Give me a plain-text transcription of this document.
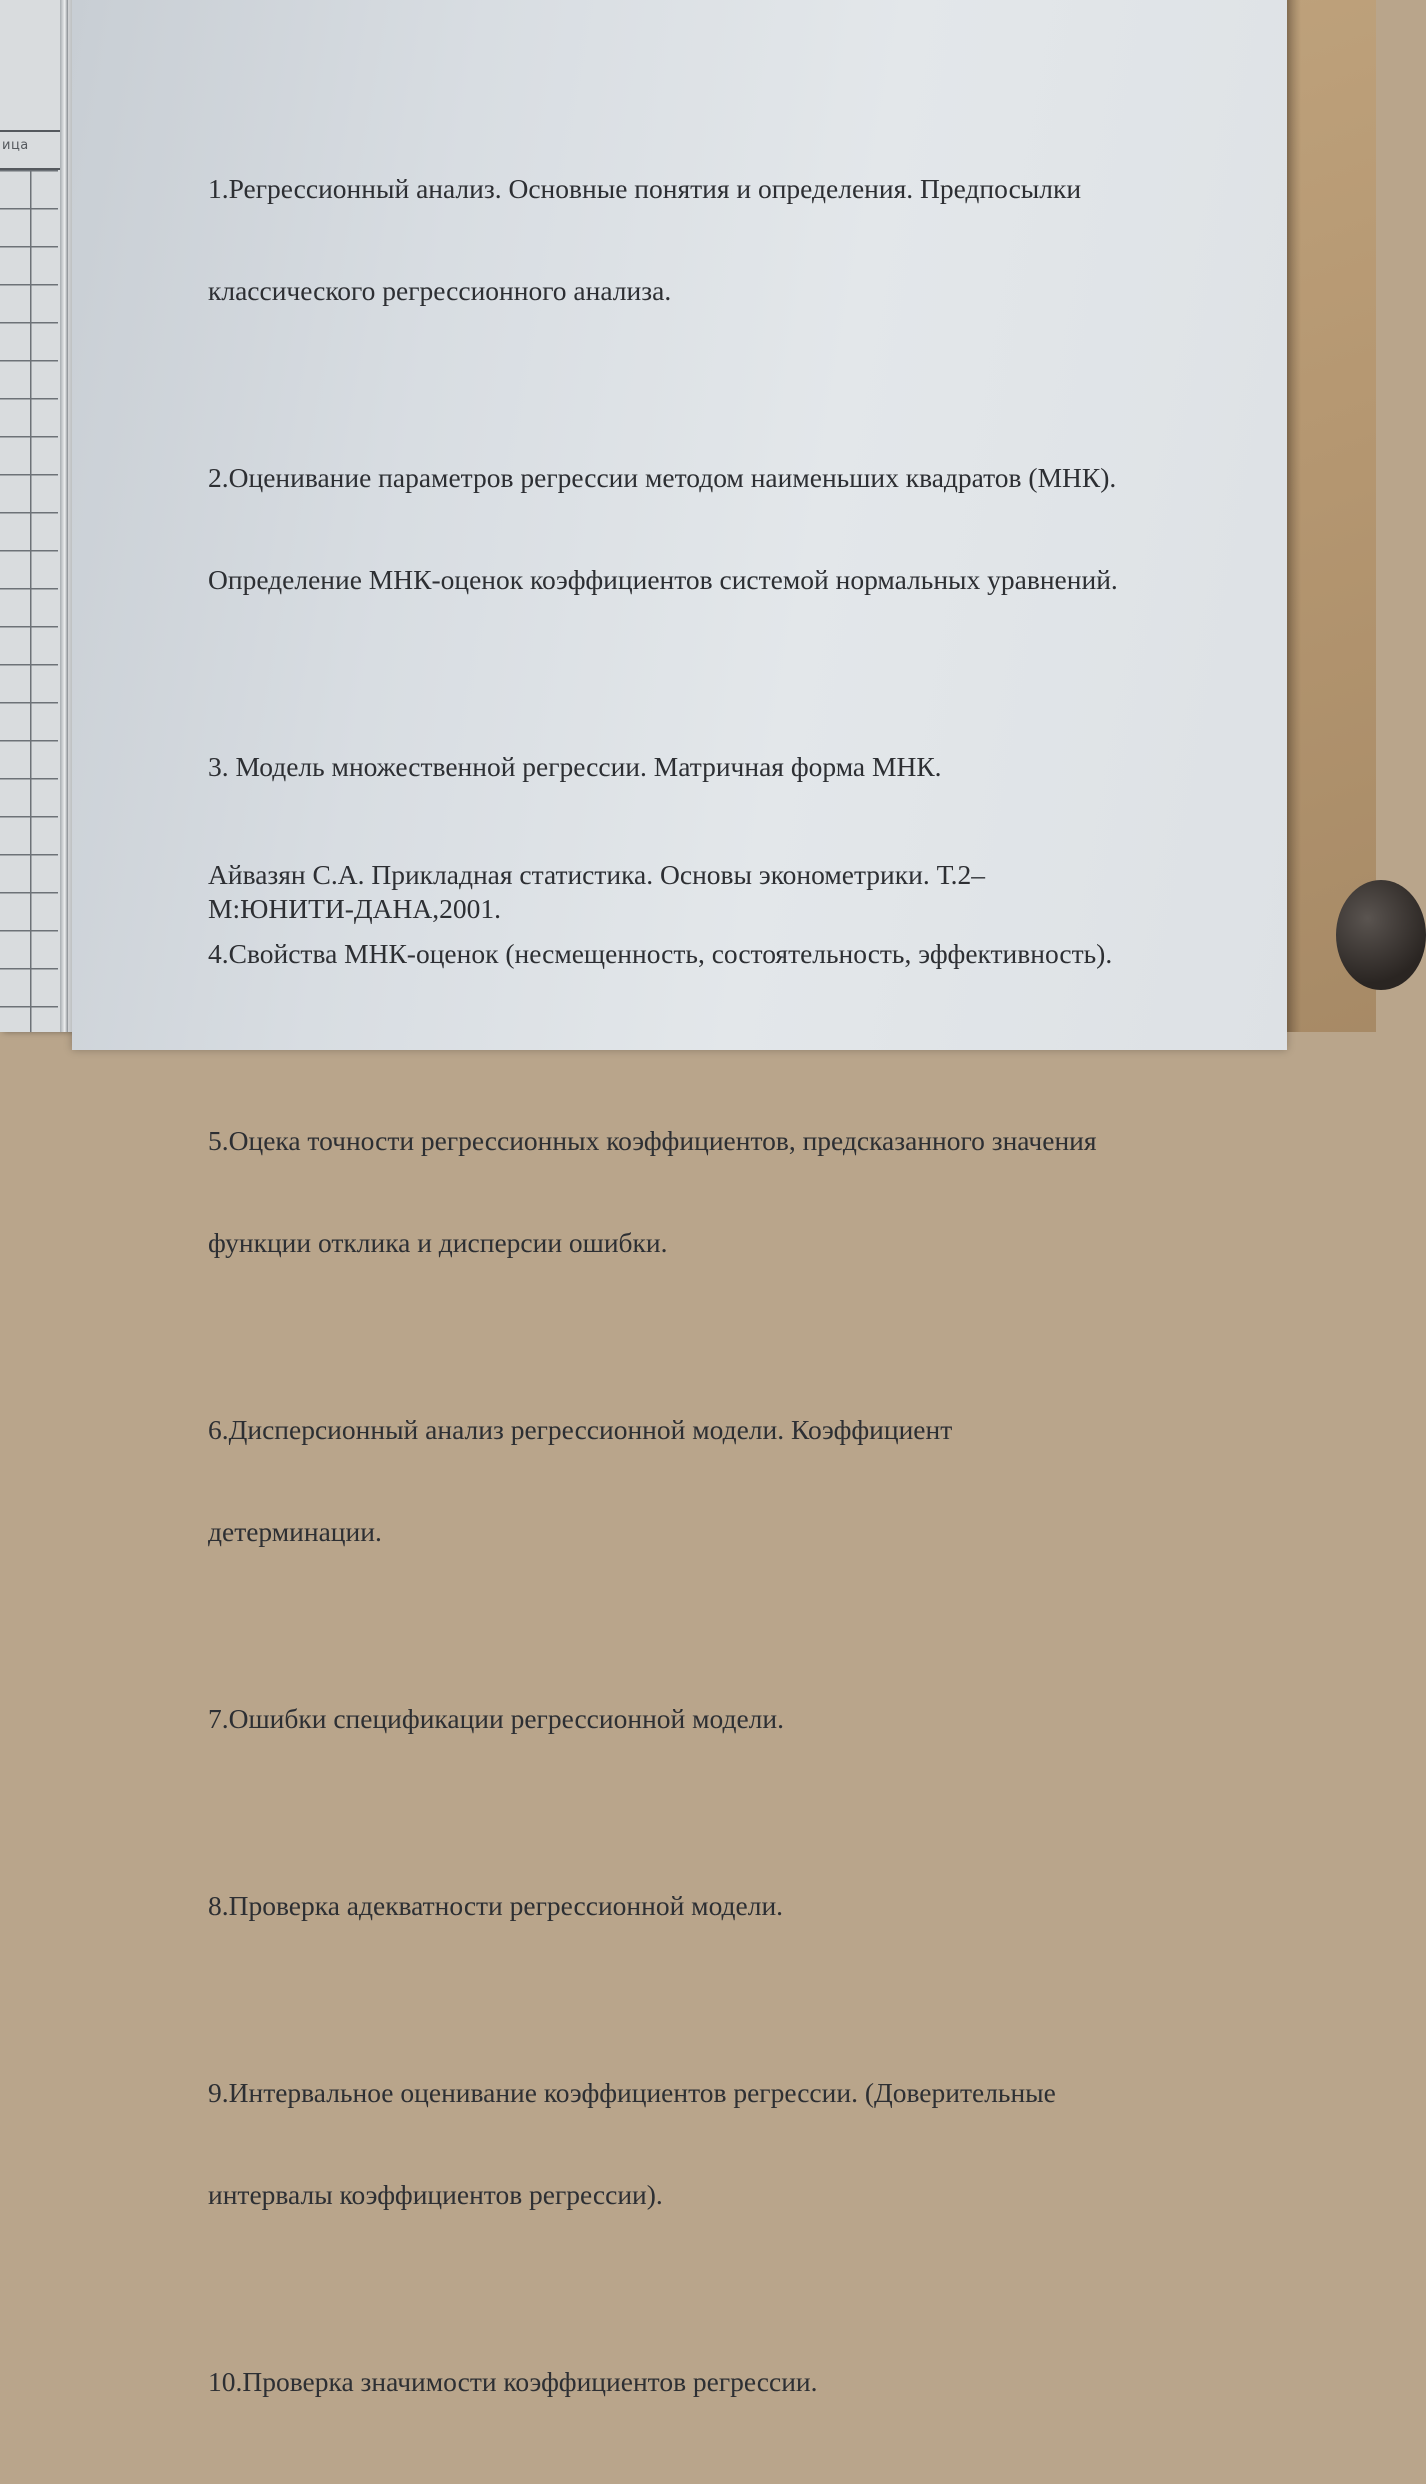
ица

1.Регрессионный анализ. Основные понятия и определения. Предпосылки

классического регрессионного анализа.

2.Оценивание параметров регрессии методом наименьших квадратов (МНК).

Определение МНК-оценок коэффициентов системой нормальных уравнений.

3. Модель множественной регрессии. Матричная форма МНК.

4.Свойства МНК-оценок (несмещенность, состоятельность, эффективность).

5.Оцека точности регрессионных коэффициентов, предсказанного значения

функции отклика и дисперсии ошибки.

6.Дисперсионный анализ регрессионной модели. Коэффициент

детерминации.

7.Ошибки спецификации регрессионной модели.

8.Проверка адекватности регрессионной модели.

9.Интервальное оценивание коэффициентов регрессии. (Доверительные

интервалы коэффициентов регрессии).

10.Проверка значимости коэффициентов регрессии.

Айвазян С.А. Прикладная статистика. Основы эконометрики. Т.2–
М:ЮНИТИ-ДАНА,2001.
